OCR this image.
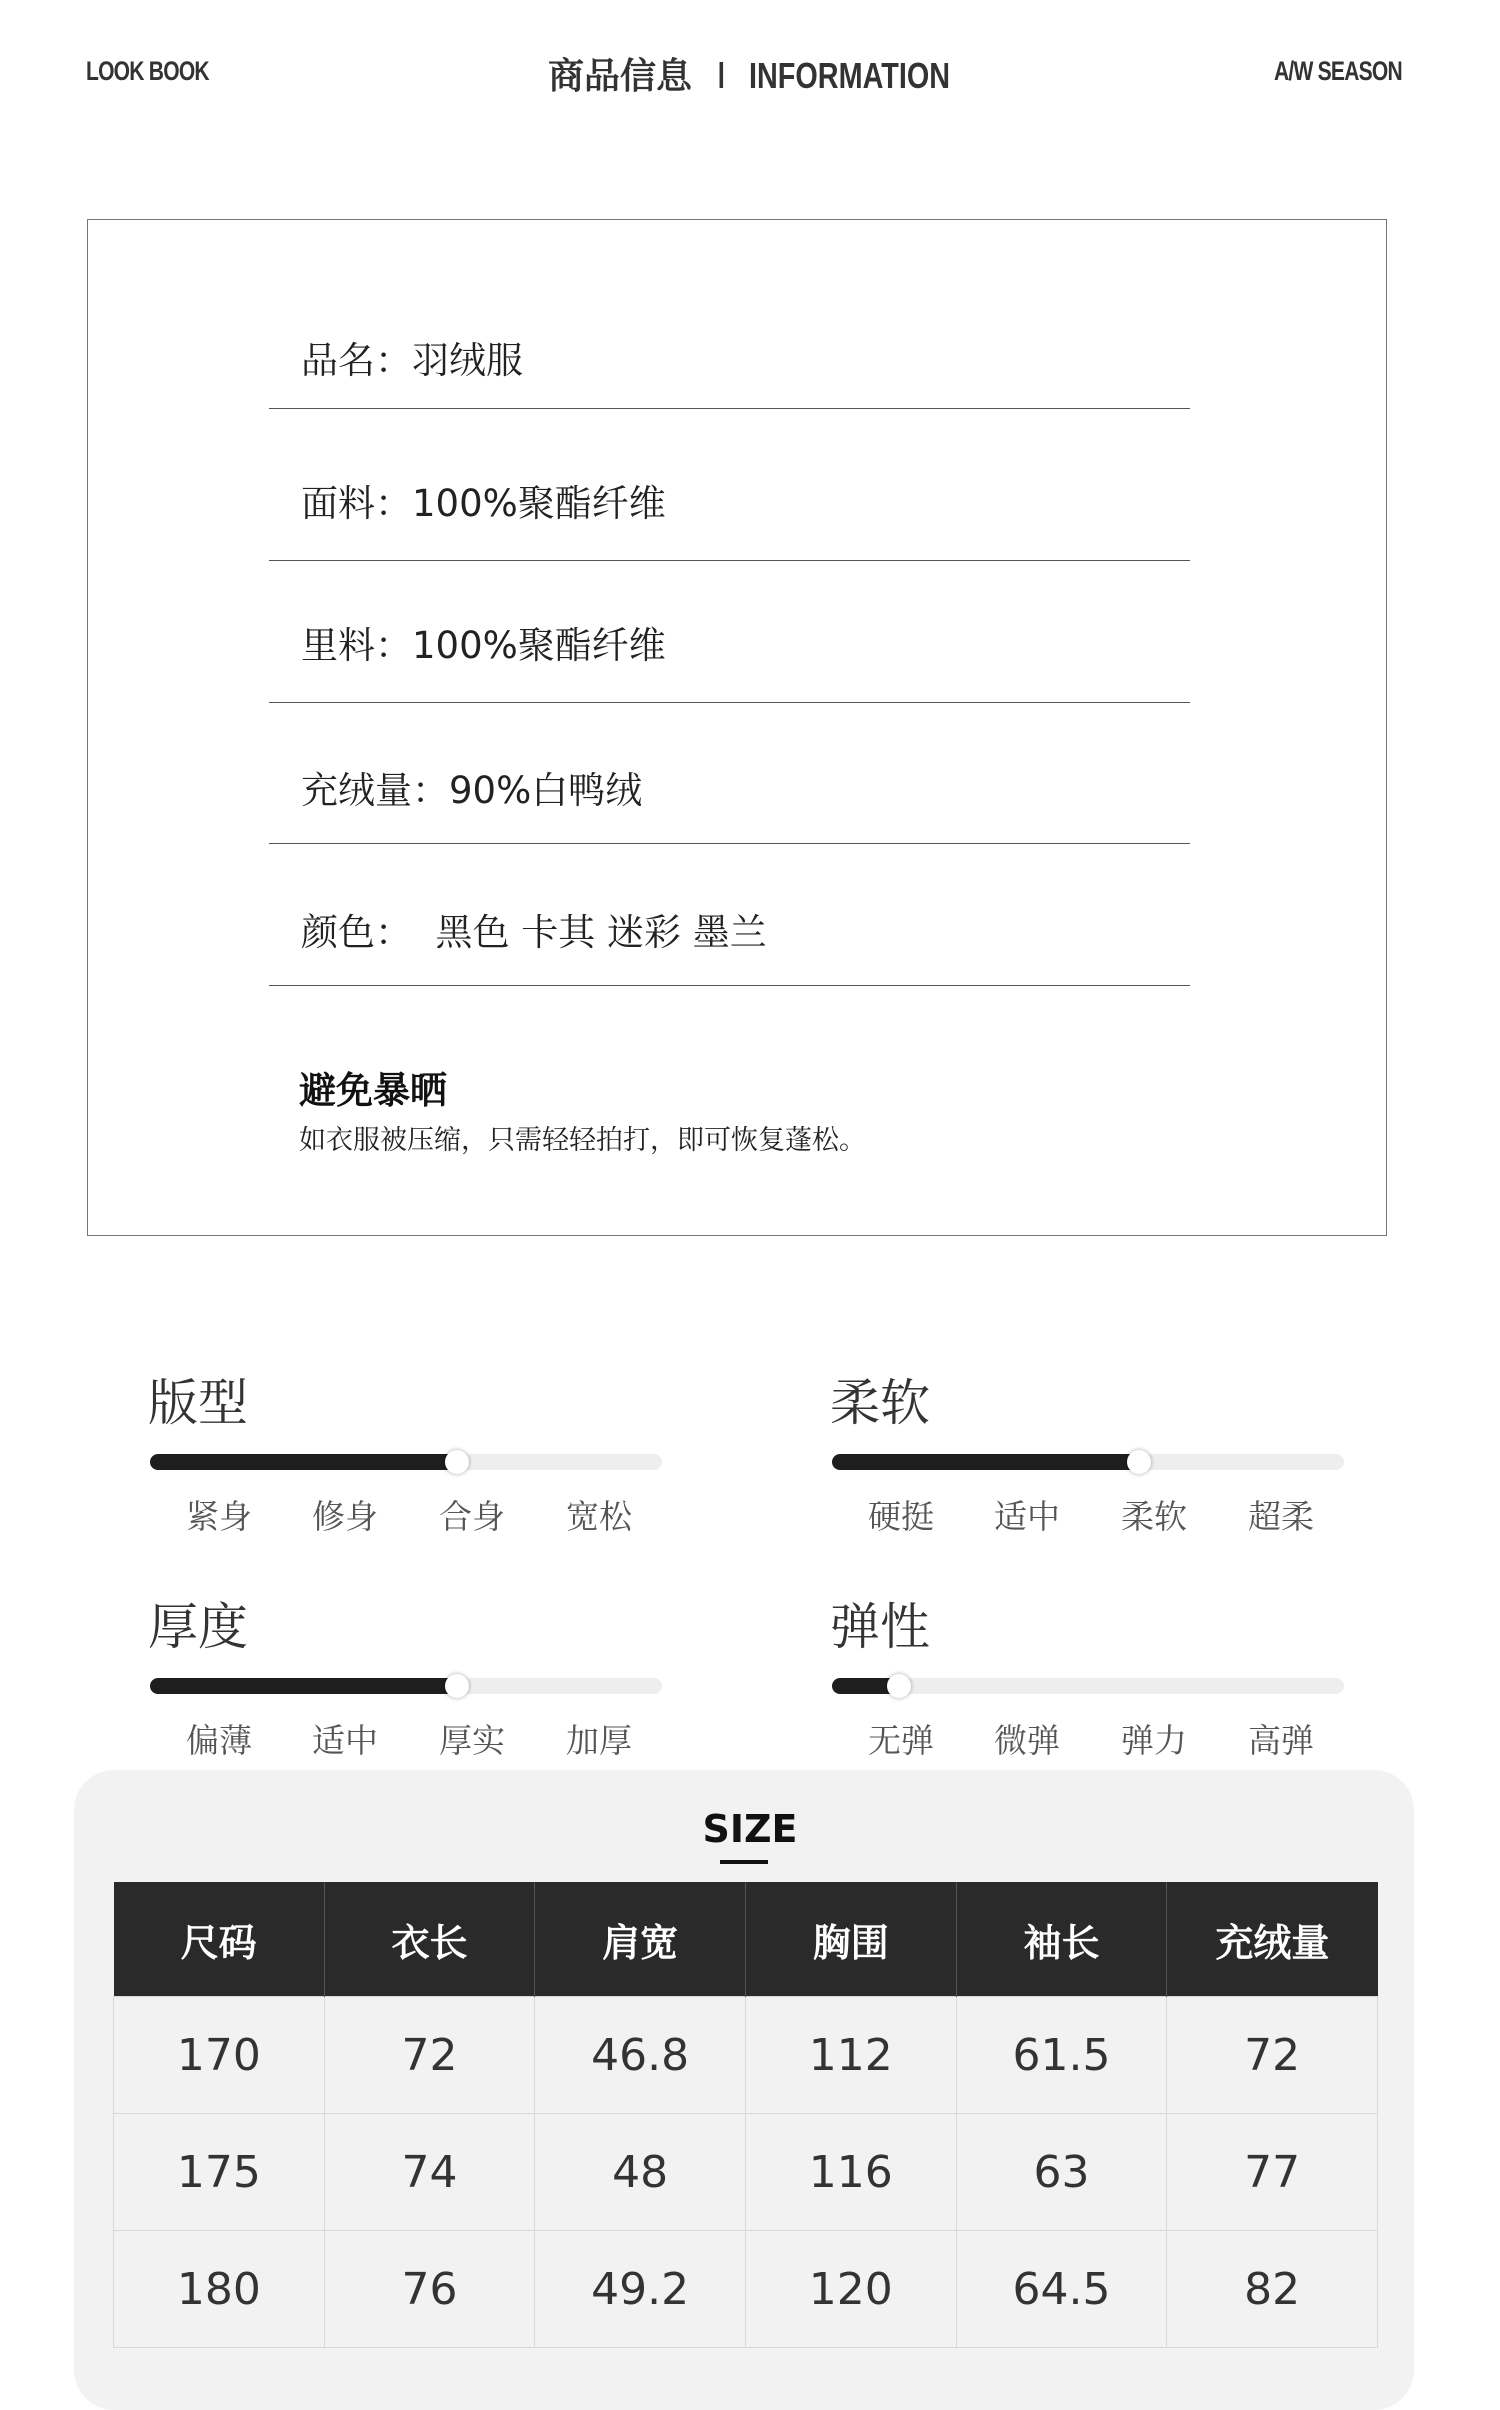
LOOK BOOK	商品信息 I INFORMATION	A/W SEASON
品名：羽绒服
面料：100%聚酯纤维
里料：100%聚酯纤维
充绒量：90%白鸭绒
颜色：  黑色 卡其 迷彩 墨兰
避免暴晒
如衣服被压缩，只需轻轻拍打，即可恢复蓬松。
版型
紧身 修身 合身 宽松
柔软
硬挺 适中 柔软 超柔
厚度
偏薄 适中 厚实 加厚
弹性
无弹 微弹 弹力 高弹
SIZE
尺码	衣长	肩宽	胸围	袖长	充绒量
170	72	46.8	112	61.5	72
175	74	48	116	63	77
180	76	49.2	120	64.5	82
